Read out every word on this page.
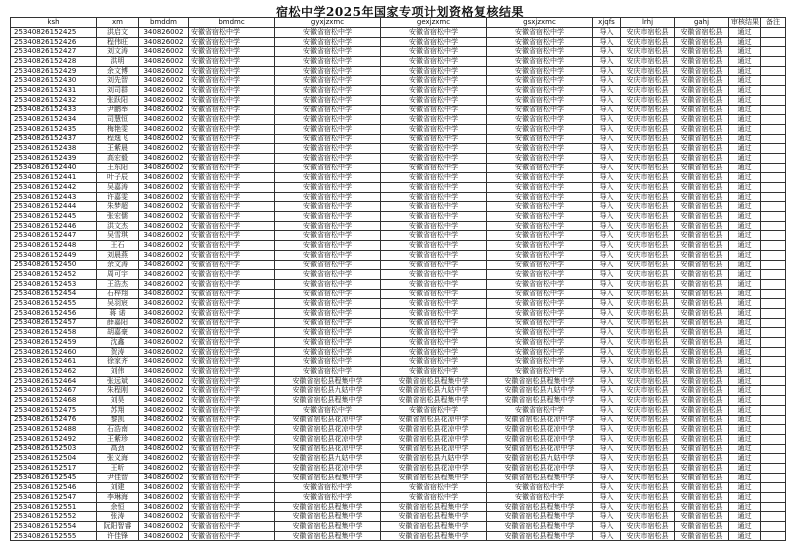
宿松中学2025年国家专项计划资格复核结果
ksh	xm	bmddm	bmdmc	gyxjzxmc	gexjzxmc	gsxjzxmc	xjqfs	lrhj	gahj	审核结果	备注
25340826152425	洪启文	340826002	安徽省宿松中学	安徽省宿松中学	安徽省宿松中学	安徽省宿松中学	导入	安庆市宿松县	安徽省宿松县	通过	
25340826152426	程伟旺	340826002	安徽省宿松中学	安徽省宿松中学	安徽省宿松中学	安徽省宿松中学	导入	安庆市宿松县	安徽省宿松县	通过	
25340826152427	刘文涛	340826002	安徽省宿松中学	安徽省宿松中学	安徽省宿松中学	安徽省宿松中学	导入	安庆市宿松县	安徽省宿松县	通过	
25340826152428	洪明	340826002	安徽省宿松中学	安徽省宿松中学	安徽省宿松中学	安徽省宿松中学	导入	安庆市宿松县	安徽省宿松县	通过	
25340826152429	余文博	340826002	安徽省宿松中学	安徽省宿松中学	安徽省宿松中学	安徽省宿松中学	导入	安庆市宿松县	安徽省宿松县	通过	
25340826152430	刘先智	340826002	安徽省宿松中学	安徽省宿松中学	安徽省宿松中学	安徽省宿松中学	导入	安庆市宿松县	安徽省宿松县	通过	
25340826152431	刘司群	340826002	安徽省宿松中学	安徽省宿松中学	安徽省宿松中学	安徽省宿松中学	导入	安庆市宿松县	安徽省宿松县	通过	
25340826152432	张跃阳	340826002	安徽省宿松中学	安徽省宿松中学	安徽省宿松中学	安徽省宿松中学	导入	安庆市宿松县	安徽省宿松县	通过	
25340826152433	尹鹏举	340826002	安徽省宿松中学	安徽省宿松中学	安徽省宿松中学	安徽省宿松中学	导入	安庆市宿松县	安徽省宿松县	通过	
25340826152434	司慧恒	340826002	安徽省宿松中学	安徽省宿松中学	安徽省宿松中学	安徽省宿松中学	导入	安庆市宿松县	安徽省宿松县	通过	
25340826152435	梅艳雯	340826002	安徽省宿松中学	安徽省宿松中学	安徽省宿松中学	安徽省宿松中学	导入	安庆市宿松县	安徽省宿松县	通过	
25340826152437	程逸飞	340826002	安徽省宿松中学	安徽省宿松中学	安徽省宿松中学	安徽省宿松中学	导入	安庆市宿松县	安徽省宿松县	通过	
25340826152438	王紫晨	340826002	安徽省宿松中学	安徽省宿松中学	安徽省宿松中学	安徽省宿松中学	导入	安庆市宿松县	安徽省宿松县	通过	
25340826152439	高宏毅	340826002	安徽省宿松中学	安徽省宿松中学	安徽省宿松中学	安徽省宿松中学	导入	安庆市宿松县	安徽省宿松县	通过	
25340826152440	王东阳	340826002	安徽省宿松中学	安徽省宿松中学	安徽省宿松中学	安徽省宿松中学	导入	安庆市宿松县	安徽省宿松县	通过	
25340826152441	叶子辰	340826002	安徽省宿松中学	安徽省宿松中学	安徽省宿松中学	安徽省宿松中学	导入	安庆市宿松县	安徽省宿松县	通过	
25340826152442	吴嘉涛	340826002	安徽省宿松中学	安徽省宿松中学	安徽省宿松中学	安徽省宿松中学	导入	安庆市宿松县	安徽省宿松县	通过	
25340826152443	许嘉雯	340826002	安徽省宿松中学	安徽省宿松中学	安徽省宿松中学	安徽省宿松中学	导入	安庆市宿松县	安徽省宿松县	通过	
25340826152444	朱梦超	340826002	安徽省宿松中学	安徽省宿松中学	安徽省宿松中学	安徽省宿松中学	导入	安庆市宿松县	安徽省宿松县	通过	
25340826152445	张宏儒	340826002	安徽省宿松中学	安徽省宿松中学	安徽省宿松中学	安徽省宿松中学	导入	安庆市宿松县	安徽省宿松县	通过	
25340826152446	洪文杰	340826002	安徽省宿松中学	安徽省宿松中学	安徽省宿松中学	安徽省宿松中学	导入	安庆市宿松县	安徽省宿松县	通过	
25340826152447	吴雪琪	340826002	安徽省宿松中学	安徽省宿松中学	安徽省宿松中学	安徽省宿松中学	导入	安庆市宿松县	安徽省宿松县	通过	
25340826152448	王石	340826002	安徽省宿松中学	安徽省宿松中学	安徽省宿松中学	安徽省宿松中学	导入	安庆市宿松县	安徽省宿松县	通过	
25340826152449	刘晨燕	340826002	安徽省宿松中学	安徽省宿松中学	安徽省宿松中学	安徽省宿松中学	导入	安庆市宿松县	安徽省宿松县	通过	
25340826152450	余文涛	340826002	安徽省宿松中学	安徽省宿松中学	安徽省宿松中学	安徽省宿松中学	导入	安庆市宿松县	安徽省宿松县	通过	
25340826152452	周可宇	340826002	安徽省宿松中学	安徽省宿松中学	安徽省宿松中学	安徽省宿松中学	导入	安庆市宿松县	安徽省宿松县	通过	
25340826152453	王浩杰	340826002	安徽省宿松中学	安徽省宿松中学	安徽省宿松中学	安徽省宿松中学	导入	安庆市宿松县	安徽省宿松县	通过	
25340826152454	石梓翔	340826002	安徽省宿松中学	安徽省宿松中学	安徽省宿松中学	安徽省宿松中学	导入	安庆市宿松县	安徽省宿松县	通过	
25340826152455	吴羽宸	340826002	安徽省宿松中学	安徽省宿松中学	安徽省宿松中学	安徽省宿松中学	导入	安庆市宿松县	安徽省宿松县	通过	
25340826152456	蒋 诺	340826002	安徽省宿松中学	安徽省宿松中学	安徽省宿松中学	安徽省宿松中学	导入	安庆市宿松县	安徽省宿松县	通过	
25340826152457	薛嘉阳	340826002	安徽省宿松中学	安徽省宿松中学	安徽省宿松中学	安徽省宿松中学	导入	安庆市宿松县	安徽省宿松县	通过	
25340826152458	胡嘉豪	340826002	安徽省宿松中学	安徽省宿松中学	安徽省宿松中学	安徽省宿松中学	导入	安庆市宿松县	安徽省宿松县	通过	
25340826152459	沈鑫	340826002	安徽省宿松中学	安徽省宿松中学	安徽省宿松中学	安徽省宿松中学	导入	安庆市宿松县	安徽省宿松县	通过	
25340826152460	贺涛	340826002	安徽省宿松中学	安徽省宿松中学	安徽省宿松中学	安徽省宿松中学	导入	安庆市宿松县	安徽省宿松县	通过	
25340826152461	徐家齐	340826002	安徽省宿松中学	安徽省宿松中学	安徽省宿松中学	安徽省宿松中学	导入	安庆市宿松县	安徽省宿松县	通过	
25340826152462	刘伟	340826002	安徽省宿松中学	安徽省宿松中学	安徽省宿松中学	安徽省宿松中学	导入	安庆市宿松县	安徽省宿松县	通过	
25340826152464	张远斌	340826002	安徽省宿松中学	安徽省宿松县程集中学	安徽省宿松县程集中学	安徽省宿松县程集中学	导入	安庆市宿松县	安徽省宿松县	通过	
25340826152467	朱程刚	340826002	安徽省宿松中学	安徽省宿松县九姑中学	安徽省宿松县九姑中学	安徽省宿松县九姑中学	导入	安庆市宿松县	安徽省宿松县	通过	
25340826152468	刘昊	340826002	安徽省宿松中学	安徽省宿松县程集中学	安徽省宿松县程集中学	安徽省宿松县程集中学	导入	安庆市宿松县	安徽省宿松县	通过	
25340826152475	苏翔	340826002	安徽省宿松中学	安徽省宿松中学	安徽省宿松中学	安徽省宿松中学	导入	安庆市宿松县	安徽省宿松县	通过	
25340826152476	黎凯	340826002	安徽省宿松中学	安徽省宿松县花凉中学	安徽省宿松县花凉中学	安徽省宿松县花凉中学	导入	安庆市宿松县	安徽省宿松县	通过	
25340826152488	石浩南	340826002	安徽省宿松中学	安徽省宿松县花凉中学	安徽省宿松县花凉中学	安徽省宿松县花凉中学	导入	安庆市宿松县	安徽省宿松县	通过	
25340826152492	王紫珍	340826002	安徽省宿松中学	安徽省宿松县花凉中学	安徽省宿松县花凉中学	安徽省宿松县花凉中学	导入	安庆市宿松县	安徽省宿松县	通过	
25340826152503	高劲	340826002	安徽省宿松中学	安徽省宿松县花凉中学	安徽省宿松县花凉中学	安徽省宿松县花凉中学	导入	安庆市宿松县	安徽省宿松县	通过	
25340826152504	张义海	340826002	安徽省宿松中学	安徽省宿松县九姑中学	安徽省宿松县九姑中学	安徽省宿松县九姑中学	导入	安庆市宿松县	安徽省宿松县	通过	
25340826152517	王昕	340826002	安徽省宿松中学	安徽省宿松县花凉中学	安徽省宿松县花凉中学	安徽省宿松县花凉中学	导入	安庆市宿松县	安徽省宿松县	通过	
25340826152545	尹佳智	340826002	安徽省宿松中学	安徽省宿松县程集中学	安徽省宿松县程集中学	安徽省宿松县程集中学	导入	安庆市宿松县	安徽省宿松县	通过	
25340826152546	刘建	340826002	安徽省宿松中学	安徽省宿松中学	安徽省宿松中学	安徽省宿松中学	导入	安庆市宿松县	安徽省宿松县	通过	
25340826152547	李琳海	340826002	安徽省宿松中学	安徽省宿松中学	安徽省宿松中学	安徽省宿松中学	导入	安庆市宿松县	安徽省宿松县	通过	
25340826152551	余恒	340826002	安徽省宿松中学	安徽省宿松县程集中学	安徽省宿松县程集中学	安徽省宿松县程集中学	导入	安庆市宿松县	安徽省宿松县	通过	
25340826152552	张涛	340826002	安徽省宿松中学	安徽省宿松县程集中学	安徽省宿松县程集中学	安徽省宿松县程集中学	导入	安庆市宿松县	安徽省宿松县	通过	
25340826152554	阮阳智睿	340826002	安徽省宿松中学	安徽省宿松县程集中学	安徽省宿松县程集中学	安徽省宿松县程集中学	导入	安庆市宿松县	安徽省宿松县	通过	
25340826152555	许佳锋	340826002	安徽省宿松中学	安徽省宿松县程集中学	安徽省宿松县程集中学	安徽省宿松县程集中学	导入	安庆市宿松县	安徽省宿松县	通过	
